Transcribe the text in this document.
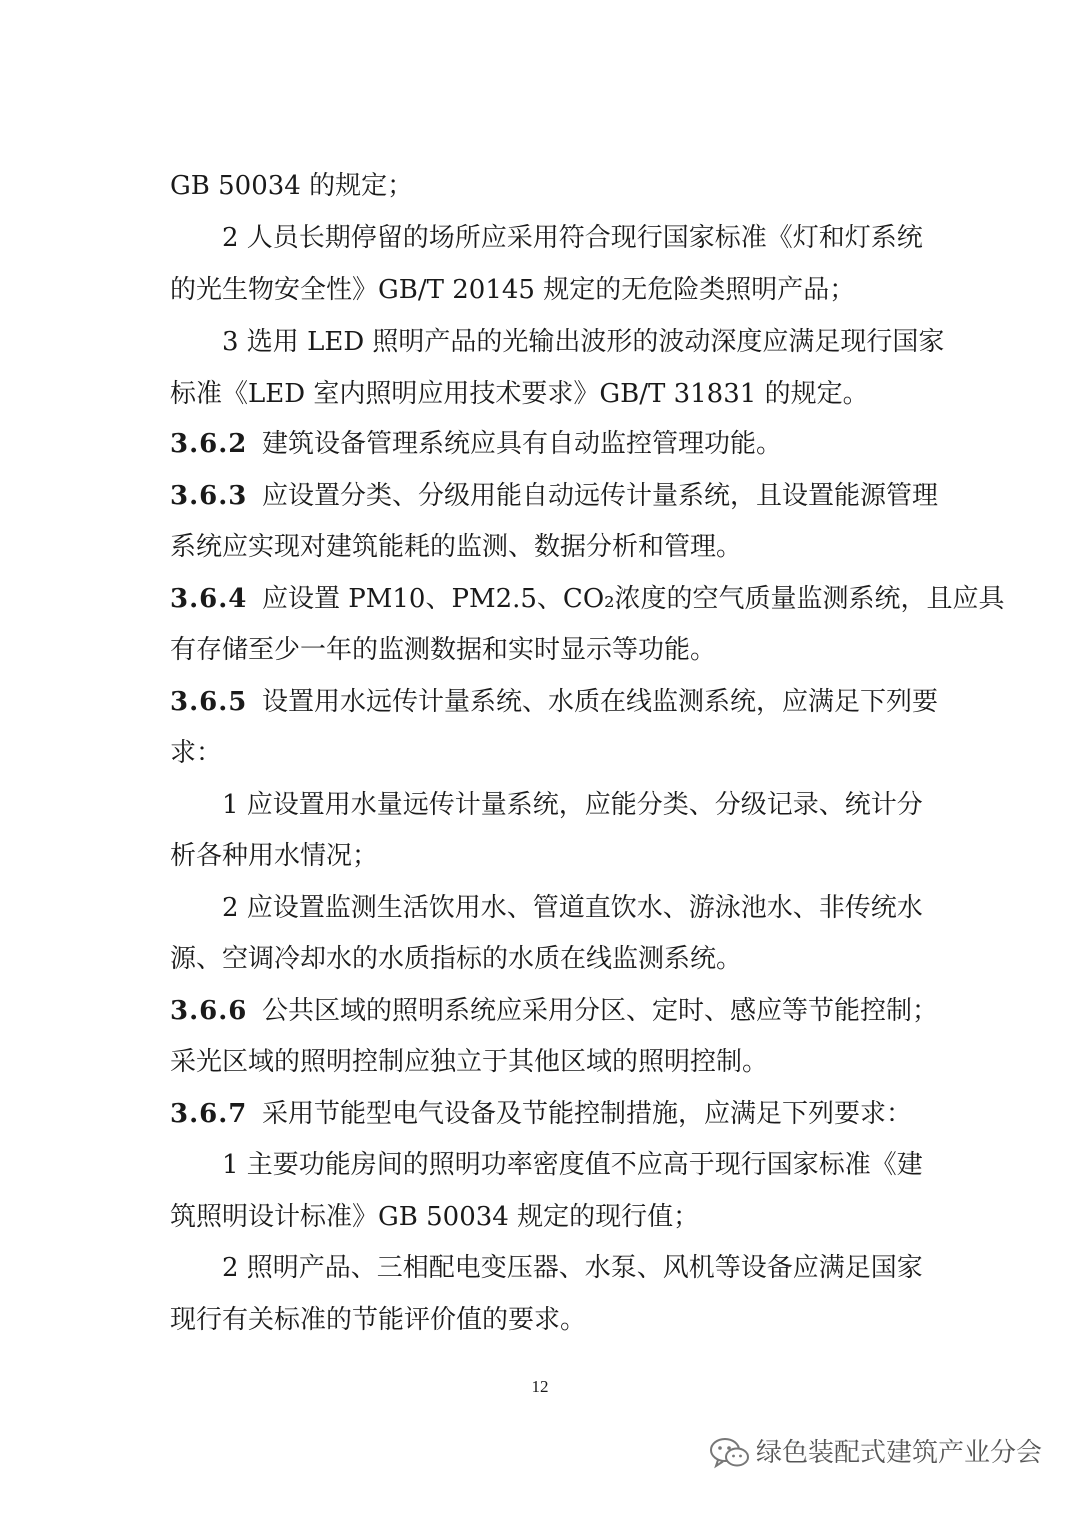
GB 50034 的规定；
2 人员长期停留的场所应采用符合现行国家标准《灯和灯系统
的光生物安全性》GB/T 20145 规定的无危险类照明产品；
3 选用 LED 照明产品的光输出波形的波动深度应满足现行国家
标准《LED 室内照明应用技术要求》GB/T 31831 的规定。
3.6.2 建筑设备管理系统应具有自动监控管理功能。
3.6.3 应设置分类、分级用能自动远传计量系统，且设置能源管理
系统应实现对建筑能耗的监测、数据分析和管理。
3.6.4 应设置 PM10、PM2.5、CO₂浓度的空气质量监测系统，且应具
有存储至少一年的监测数据和实时显示等功能。
3.6.5 设置用水远传计量系统、水质在线监测系统，应满足下列要
求：
1 应设置用水量远传计量系统，应能分类、分级记录、统计分
析各种用水情况；
2 应设置监测生活饮用水、管道直饮水、游泳池水、非传统水
源、空调冷却水的水质指标的水质在线监测系统。
3.6.6 公共区域的照明系统应采用分区、定时、感应等节能控制；
采光区域的照明控制应独立于其他区域的照明控制。
3.6.7 采用节能型电气设备及节能控制措施，应满足下列要求：
1 主要功能房间的照明功率密度值不应高于现行国家标准《建
筑照明设计标准》GB 50034 规定的现行值；
2 照明产品、三相配电变压器、水泵、风机等设备应满足国家
现行有关标准的节能评价值的要求。
12
绿色装配式建筑产业分会
